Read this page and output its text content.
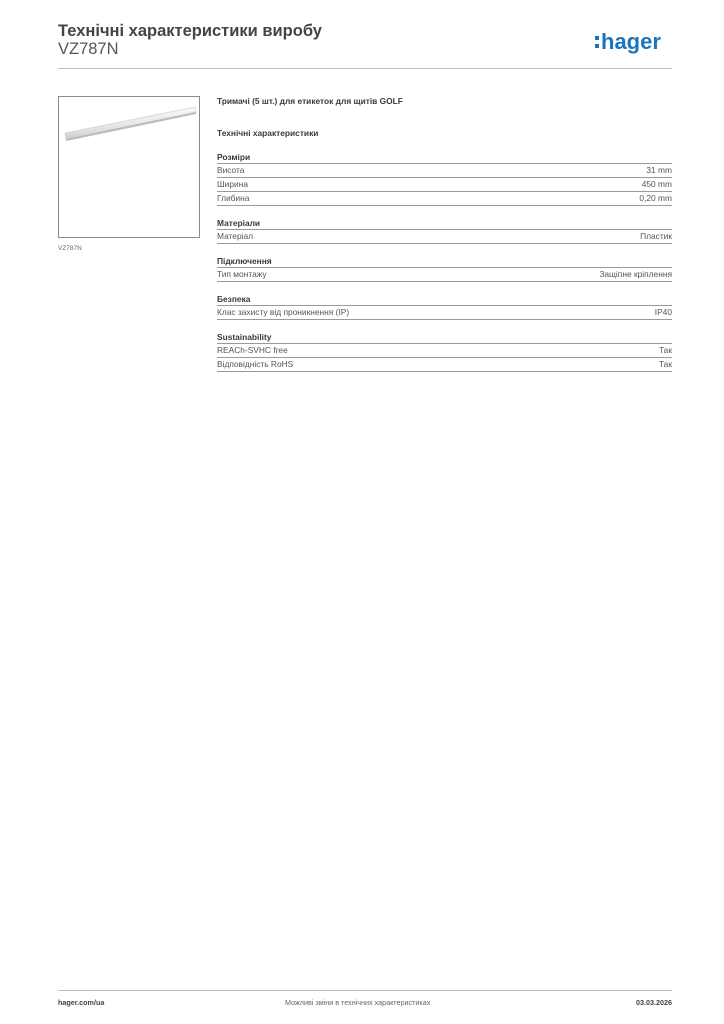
Технічні характеристики виробу
VZ787N	hager
VZ787N
Тримачі (5 шт.) для етикеток для щитів GOLF
Технічні характеристики
Розміри
Висота	31 mm
Ширина	450 mm
Глибина	0,20 mm
Матеріали
Матеріал	Пластик
Підключення
Тип монтажу	Защіпне кріплення
Безпека
Клас захисту від проникнення (IP)	IP40
Sustainability
REACh-SVHC free	Так
Відповідність RoHS	Так
hager.com/ua	Можливі зміни в технічних характеристиках	03.03.2026
